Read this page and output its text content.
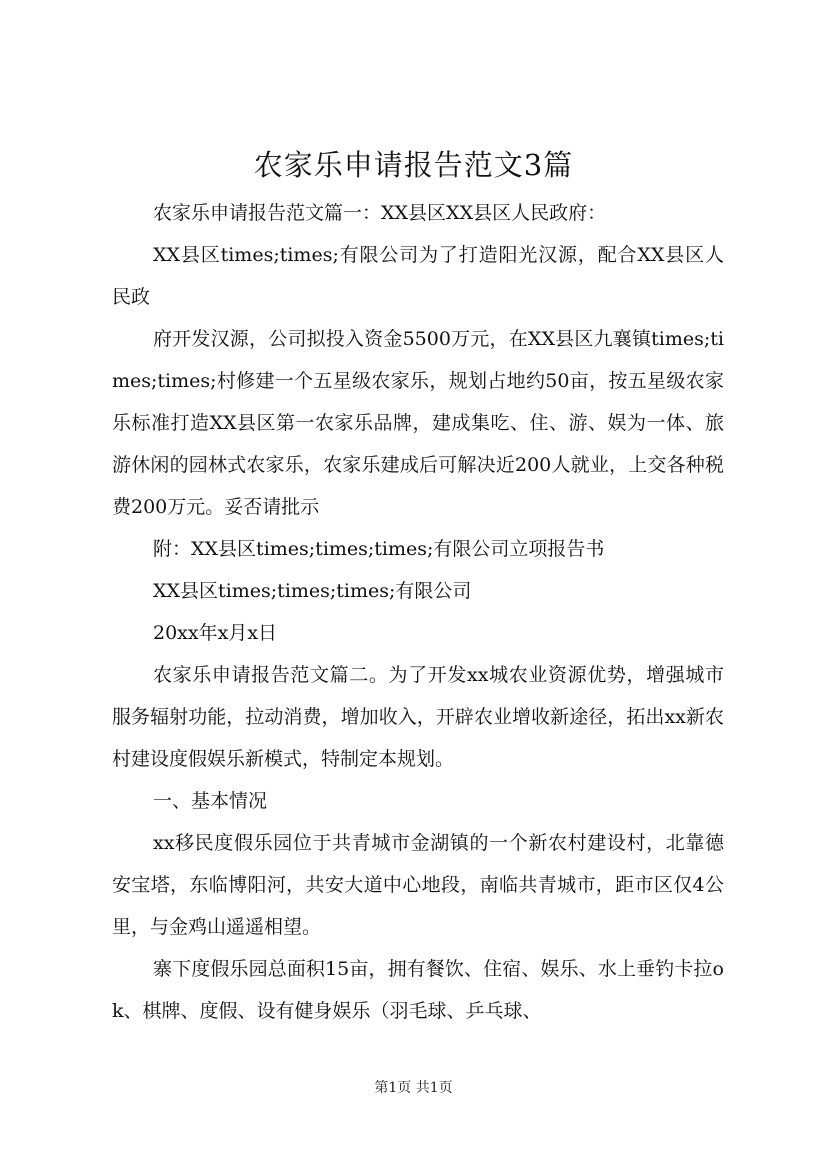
农家乐申请报告范文3篇

农家乐申请报告范文篇一：XX县区XX县区人民政府：

XX县区times;times;有限公司为了打造阳光汉源，配合XX县区人民政

府开发汉源，公司拟投入资金5500万元，在XX县区九襄镇times;times;times;村修建一个五星级农家乐，规划占地约50亩，按五星级农家乐标准打造XX县区第一农家乐品牌，建成集吃、住、游、娱为一体、旅游休闲的园林式农家乐，农家乐建成后可解决近200人就业，上交各种税费200万元。妥否请批示

附：XX县区times;times;times;有限公司立项报告书

XX县区times;times;times;有限公司

20xx年x月x日

农家乐申请报告范文篇二。为了开发xx城农业资源优势，增强城市服务辐射功能，拉动消费，增加收入，开辟农业增收新途径，拓出xx新农村建设度假娱乐新模式，特制定本规划。

一、基本情况

xx移民度假乐园位于共青城市金湖镇的一个新农村建设村，北靠德安宝塔，东临博阳河，共安大道中心地段，南临共青城市，距市区仅4公里，与金鸡山遥遥相望。

寨下度假乐园总面积15亩，拥有餐饮、住宿、娱乐、水上垂钓卡拉ok、棋牌、度假、设有健身娱乐（羽毛球、乒乓球、

第1页 共1页
